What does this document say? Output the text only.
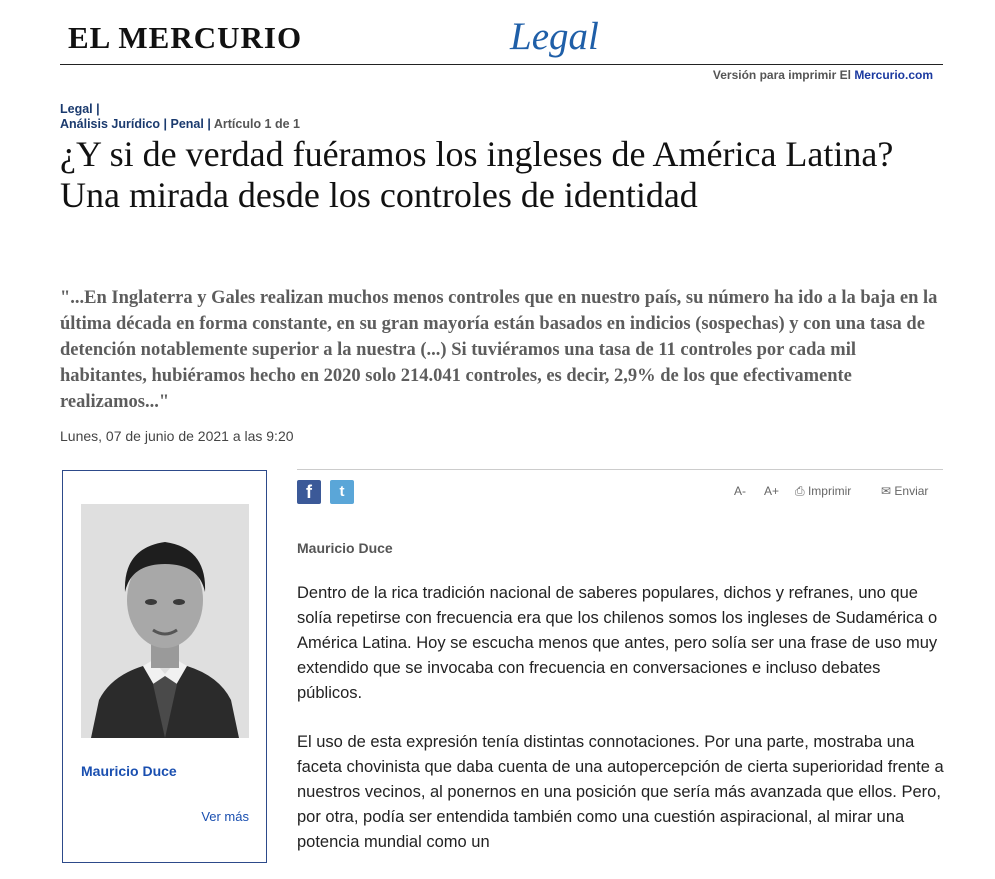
EL MERCURIO	Legal
Versión para imprimir El Mercurio.com
Legal |
Análisis Jurídico | Penal | Artículo 1 de 1
¿Y si de verdad fuéramos los ingleses de América Latina? Una mirada desde los controles de identidad

"...En Inglaterra y Gales realizan muchos menos controles que en nuestro país, su número ha ido a la baja en la última década en forma constante, en su gran mayoría están basados en indicios (sospechas) y con una tasa de detención notablemente superior a la nuestra (...) Si tuviéramos una tasa de 11 controles por cada mil habitantes, hubiéramos hecho en 2020 solo 214.041 controles, es decir, 2,9% de los que efectivamente realizamos..."

Lunes, 07 de junio de 2021 a las 9:20
Mauricio Duce
Ver más
f	t	A- A+ ⎙ Imprimir ✉ Enviar
Mauricio Duce

Dentro de la rica tradición nacional de saberes populares, dichos y refranes, uno que solía repetirse con frecuencia era que los chilenos somos los ingleses de Sudamérica o América Latina. Hoy se escucha menos que antes, pero solía ser una frase de uso muy extendido que se invocaba con frecuencia en conversaciones e incluso debates públicos.

El uso de esta expresión tenía distintas connotaciones. Por una parte, mostraba una faceta chovinista que daba cuenta de una autopercepción de cierta superioridad frente a nuestros vecinos, al ponernos en una posición que sería más avanzada que ellos. Pero, por otra, podía ser entendida también como una cuestión aspiracional, al mirar una potencia mundial como un
